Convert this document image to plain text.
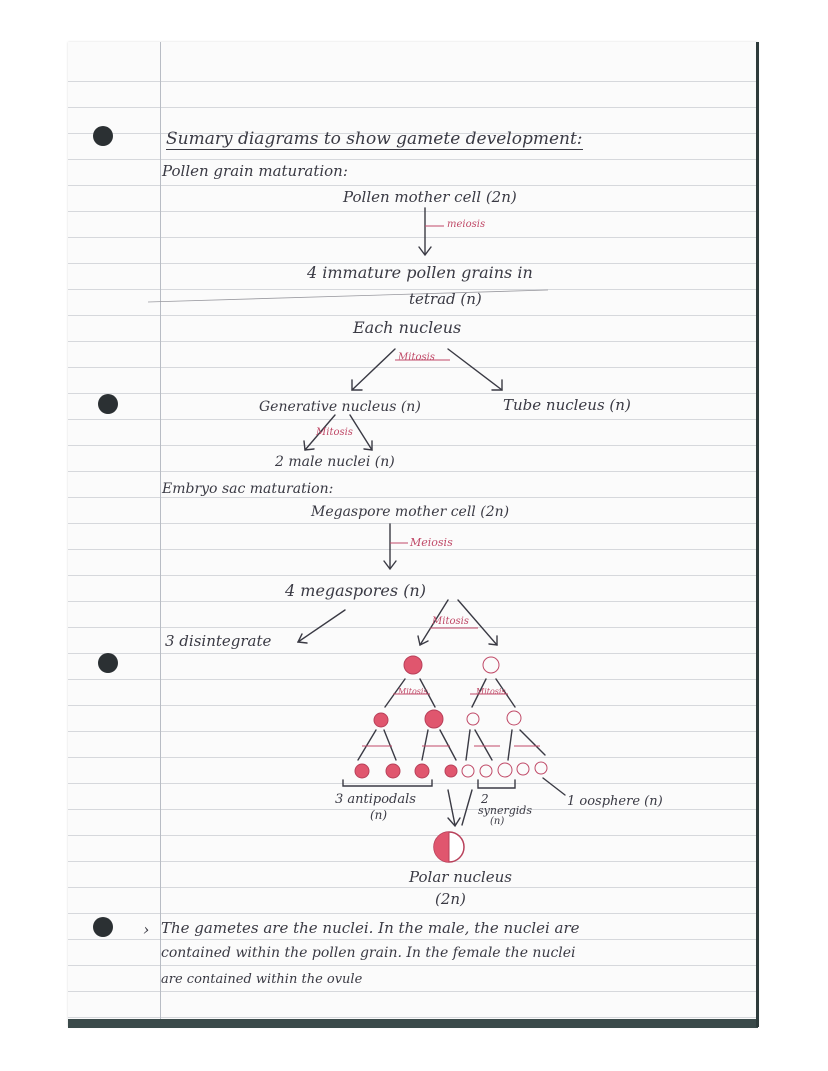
Sumary diagrams to show gamete development:
Pollen grain maturation:
Pollen mother cell (2n)
meiosis
4 immature pollen grains in
tetrad (n)
Each nucleus
Mitosis
Generative nucleus (n)	Tube nucleus (n)
Mitosis
2 male nuclei (n)
Embryo sac maturation:
Megaspore mother cell (2n)
Meiosis
4 megaspores (n)
Mitosis
3 disintegrate
Mitosis	Mitosis
3 antipodals
(n)
2
synergids
(n)
1 oosphere (n)
Polar nucleus
(2n)
› The gametes are the nuclei. In the male, the nuclei are
contained within the pollen grain. In the female the nuclei
are contained within the ovule
